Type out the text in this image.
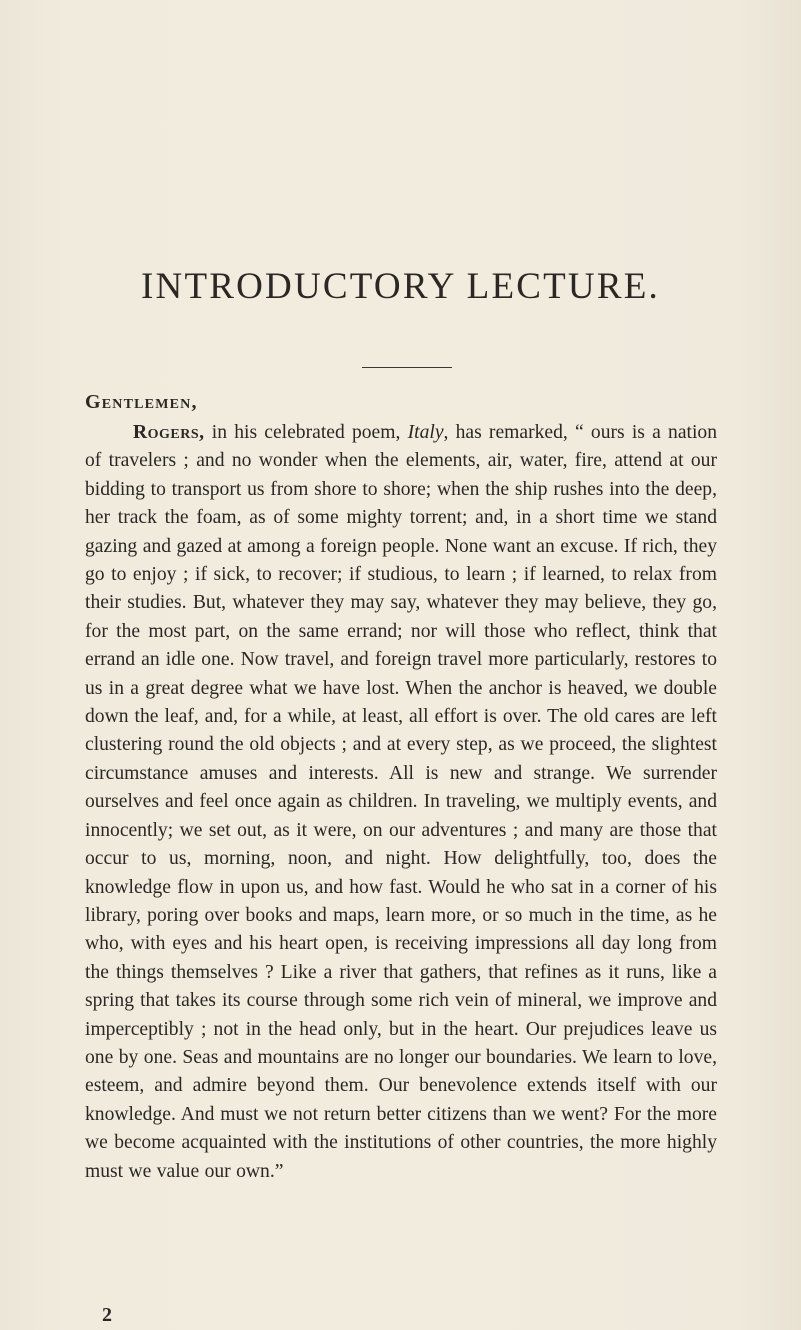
INTRODUCTORY LECTURE.
Gentlemen,

Rogers, in his celebrated poem, Italy, has remarked, “ ours is a nation of travelers ; and no wonder when the elements, air, water, fire, attend at our bidding to transport us from shore to shore; when the ship rushes into the deep, her track the foam, as of some mighty torrent; and, in a short time we stand gazing and gazed at among a foreign people. None want an excuse. If rich, they go to enjoy ; if sick, to recover; if studious, to learn ; if learned, to relax from their studies. But, whatever they may say, whatever they may believe, they go, for the most part, on the same errand; nor will those who reflect, think that errand an idle one. Now travel, and foreign travel more particularly, restores to us in a great degree what we have lost. When the anchor is heaved, we double down the leaf, and, for a while, at least, all effort is over. The old cares are left clustering round the old objects ; and at every step, as we proceed, the slightest circumstance amuses and interests. All is new and strange. We surrender ourselves and feel once again as children. In traveling, we multiply events, and innocently; we set out, as it were, on our adventures ; and many are those that occur to us, morning, noon, and night. How delightfully, too, does the knowledge flow in upon us, and how fast. Would he who sat in a corner of his library, poring over books and maps, learn more, or so much in the time, as he who, with eyes and his heart open, is receiving impressions all day long from the things themselves ? Like a river that gathers, that refines as it runs, like a spring that takes its course through some rich vein of mineral, we improve and imperceptibly ; not in the head only, but in the heart. Our prejudices leave us one by one. Seas and mountains are no longer our boundaries. We learn to love, esteem, and admire beyond them. Our benevolence extends itself with our knowledge. And must we not return better citizens than we went? For the more we become acquainted with the institutions of other countries, the more highly must we value our own.”

2
